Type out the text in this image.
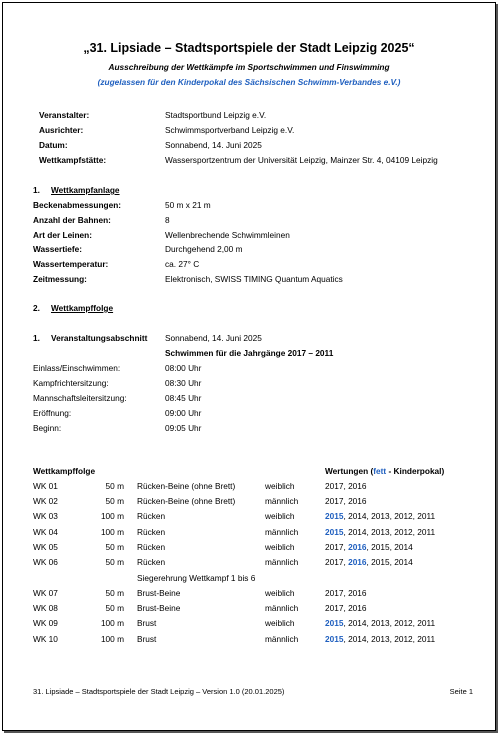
„31. Lipsiade – Stadtsportspiele der Stadt Leipzig 2025“
Ausschreibung der Wettkämpfe im Sportschwimmen und Finswimming
(zugelassen für den Kinderpokal des Sächsischen Schwimm-Verbandes e.V.)
Veranstalter:	Stadtsportbund Leipzig e.V.
Ausrichter:	Schwimmsportverband Leipzig e.V.
Datum:	Sonnabend, 14. Juni 2025
Wettkampfstätte:	Wassersportzentrum der Universität Leipzig, Mainzer Str. 4, 04109 Leipzig
1. Wettkampfanlage
Beckenabmessungen:	50 m x 21 m
Anzahl der Bahnen:	8
Art der Leinen:	Wellenbrechende Schwimmleinen
Wassertiefe:	Durchgehend 2,00 m
Wassertemperatur:	ca. 27° C
Zeitmessung:	Elektronisch, SWISS TIMING Quantum Aquatics
2. Wettkampffolge
1. Veranstaltungsabschnitt Sonnabend, 14. Juni 2025
Schwimmen für die Jahrgänge 2017 – 2011
Einlass/Einschwimmen:	08:00 Uhr
Kampfrichtersitzung:	08:30 Uhr
Mannschaftsleitersitzung:	08:45 Uhr
Eröffnung:	09:00 Uhr
Beginn:	09:05 Uhr
Wettkampffolge	Wertungen (fett - Kinderpokal)
WK 01	50 m Rücken-Beine (ohne Brett)	weiblich	2017, 2016
WK 02	50 m Rücken-Beine (ohne Brett)	männlich	2017, 2016
WK 03	100 m Rücken	weiblich	2015, 2014, 2013, 2012, 2011
WK 04	100 m Rücken	männlich	2015, 2014, 2013, 2012, 2011
WK 05	50 m Rücken	weiblich	2017, 2016, 2015, 2014
WK 06	50 m Rücken	männlich	2017, 2016, 2015, 2014
Siegerehrung Wettkampf 1 bis 6
WK 07	50 m Brust-Beine	weiblich	2017, 2016
WK 08	50 m Brust-Beine	männlich	2017, 2016
WK 09	100 m Brust	weiblich	2015, 2014, 2013, 2012, 2011
WK 10	100 m Brust	männlich	2015, 2014, 2013, 2012, 2011
31. Lipsiade – Stadtsportspiele der Stadt Leipzig – Version 1.0 (20.01.2025)	Seite 1
